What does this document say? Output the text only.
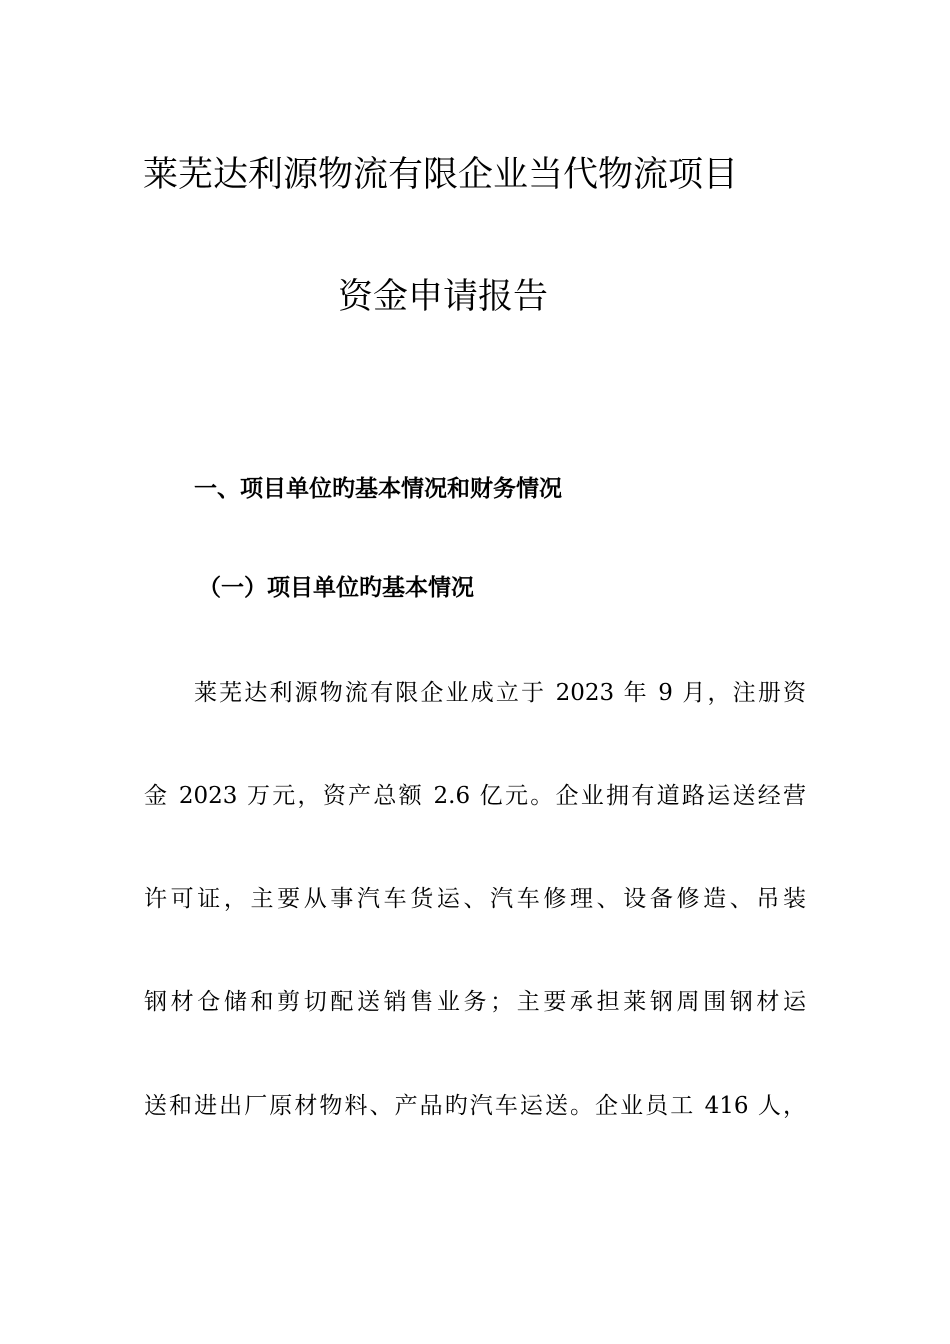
莱芜达利源物流有限企业当代物流项目
资金申请报告
一、项目单位旳基本情况和财务情况
（一）项目单位旳基本情况
莱芜达利源物流有限企业成立于 2023 年 9 月，注册资
金 2023 万元，资产总额 2.6 亿元。企业拥有道路运送经营
许可证，主要从事汽车货运、汽车修理、设备修造、吊装
钢材仓储和剪切配送销售业务；主要承担莱钢周围钢材运
送和进出厂原材物料、产品旳汽车运送。企业员工 416 人，
